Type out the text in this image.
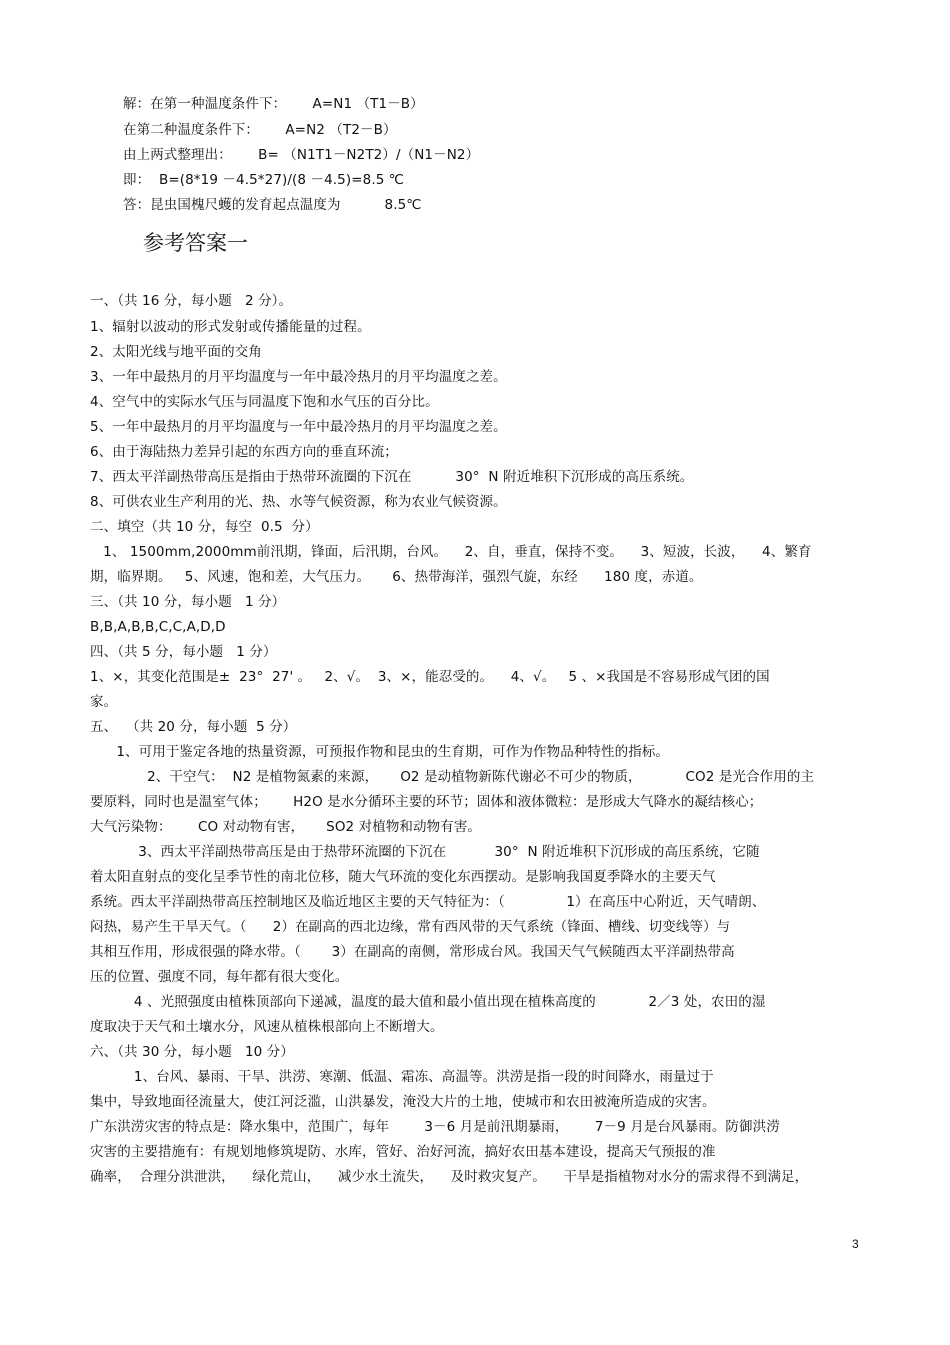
解：在第一种温度条件下：      A=N1 （T1－B）
在第二种温度条件下：      A=N2 （T2－B）
由上两式整理出：      B= （N1T1－N2T2）/（N1－N2）
即：  B=(8*19 －4.5*27)/(8 －4.5)=8.5 ℃
答：昆虫国槐尺蠖的发育起点温度为          8.5℃
参考答案一
一、（共 16 分，每小题   2 分）。
1、辐射以波动的形式发射或传播能量的过程。
2、太阳光线与地平面的交角
3、一年中最热月的月平均温度与一年中最冷热月的月平均温度之差。
4、空气中的实际水气压与同温度下饱和水气压的百分比。
5、一年中最热月的月平均温度与一年中最冷热月的月平均温度之差。
6、由于海陆热力差异引起的东西方向的垂直环流；
7、西太平洋副热带高压是指由于热带环流圈的下沉在          30°  N 附近堆积下沉形成的高压系统。
8、可供农业生产利用的光、热、水等气候资源，称为农业气候资源。
二、填空（共 10 分，每空  0.5  分）
1、 1500mm,2000mm前汛期，锋面，后汛期，台风。    2、自，垂直，保持不变。    3、短波，长波，    4、繁育
期，临界期。   5、风速，饱和差，大气压力。     6、热带海洋，强烈气旋，东经      180 度，赤道。
三、（共 10 分，每小题   1 分）
B,B,A,B,B,C,C,A,D,D
四、（共 5 分，每小题   1 分）
1、×，其变化范围是±  23°  27' 。   2、√。  3、×，能忍受的。    4、√。   5 、×我国是不容易形成气团的国
家。
五、  （共 20 分，每小题  5 分）
1、可用于鉴定各地的热量资源，可预报作物和昆虫的生育期，可作为作物品种特性的指标。
2、干空气：  N2 是植物氮素的来源，     O2 是动植物新陈代谢必不可少的物质，          CO2 是光合作用的主
要原料，同时也是温室气体；      H2O 是水分循环主要的环节；固体和液体微粒：是形成大气降水的凝结核心；
大气污染物：      CO 对动物有害，     SO2 对植物和动物有害。
3、西太平洋副热带高压是由于热带环流圈的下沉在           30°  N 附近堆积下沉形成的高压系统，它随
着太阳直射点的变化呈季节性的南北位移，随大气环流的变化东西摆动。是影响我国夏季降水的主要天气
系统。西太平洋副热带高压控制地区及临近地区主要的天气特征为：（              1）在高压中心附近，天气晴朗、
闷热，易产生干旱天气。（      2）在副高的西北边缘，常有西风带的天气系统（锋面、槽线、切变线等）与
其相互作用，形成很强的降水带。（       3）在副高的南侧，常形成台风。我国天气气候随西太平洋副热带高
压的位置、强度不同，每年都有很大变化。
4 、光照强度由植株顶部向下递减，温度的最大值和最小值出现在植株高度的            2／3 处，农田的湿
度取决于天气和土壤水分，风速从植株根部向上不断增大。
六、（共 30 分，每小题   10 分）
1、台风、暴雨、干旱、洪涝、寒潮、低温、霜冻、高温等。洪涝是指一段的时间降水，雨量过于
集中，导致地面径流量大，使江河泛滥，山洪暴发，淹没大片的土地，使城市和农田被淹所造成的灾害。
广东洪涝灾害的特点是：降水集中，范围广，每年        3－6 月是前汛期暴雨，      7－9 月是台风暴雨。防御洪涝
灾害的主要措施有：有规划地修筑堤防、水库，管好、治好河流，搞好农田基本建设，提高天气预报的准
确率，  合理分洪泄洪，    绿化荒山，    减少水土流失，    及时救灾复产。    干旱是指植物对水分的需求得不到满足，
3
